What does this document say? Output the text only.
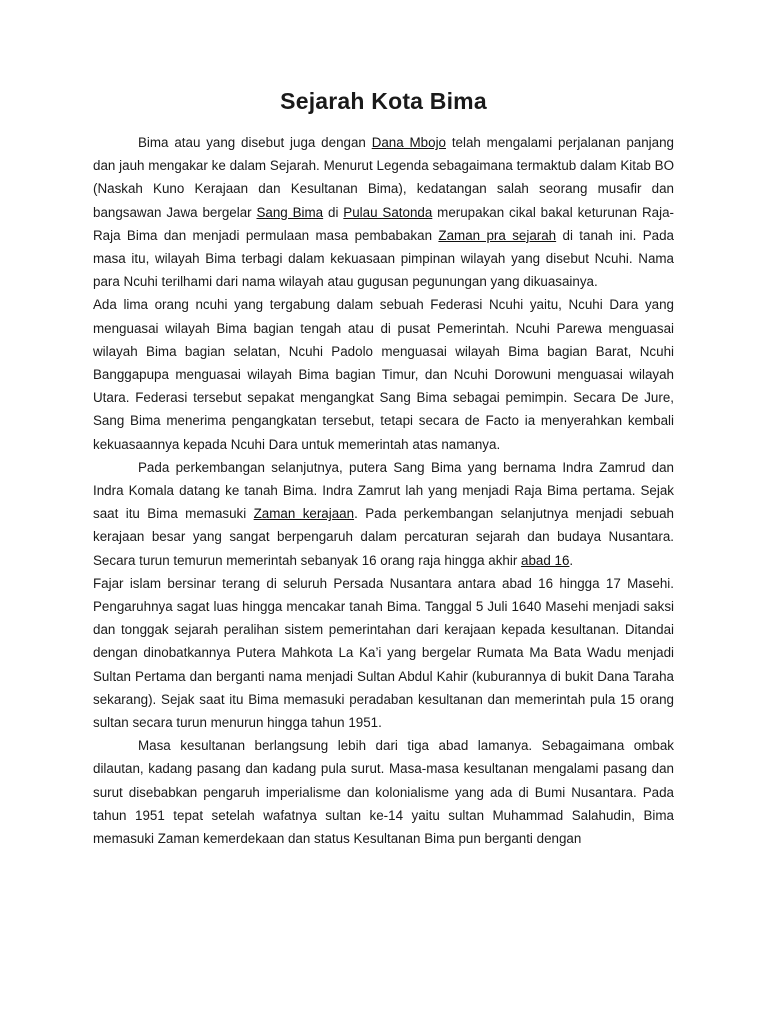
Sejarah Kota Bima

Bima atau yang disebut juga dengan Dana Mbojo telah mengalami perjalanan panjang dan jauh mengakar ke dalam Sejarah. Menurut Legenda sebagaimana termaktub dalam Kitab BO (Naskah Kuno Kerajaan dan Kesultanan Bima), kedatangan salah seorang musafir dan bangsawan Jawa bergelar Sang Bima di Pulau Satonda merupakan cikal bakal keturunan Raja-Raja Bima dan menjadi permulaan masa pembabakan Zaman pra sejarah di tanah ini. Pada masa itu, wilayah Bima terbagi dalam kekuasaan pimpinan wilayah yang disebut Ncuhi. Nama para Ncuhi terilhami dari nama wilayah atau gugusan pegunungan yang dikuasainya.

Ada lima orang ncuhi yang tergabung dalam sebuah Federasi Ncuhi yaitu, Ncuhi Dara yang menguasai wilayah Bima bagian tengah atau di pusat Pemerintah. Ncuhi Parewa menguasai wilayah Bima bagian selatan, Ncuhi Padolo menguasai wilayah Bima bagian Barat, Ncuhi Banggapupa menguasai wilayah Bima bagian Timur, dan Ncuhi Dorowuni menguasai wilayah Utara. Federasi tersebut sepakat mengangkat Sang Bima sebagai pemimpin. Secara De Jure, Sang Bima menerima pengangkatan tersebut, tetapi secara de Facto ia menyerahkan kembali kekuasaannya kepada Ncuhi Dara untuk memerintah atas namanya.

Pada perkembangan selanjutnya, putera Sang Bima yang bernama Indra Zamrud dan Indra Komala datang ke tanah Bima. Indra Zamrut lah yang menjadi Raja Bima pertama. Sejak saat itu Bima memasuki Zaman kerajaan. Pada perkembangan selanjutnya menjadi sebuah kerajaan besar yang sangat berpengaruh dalam percaturan sejarah dan budaya Nusantara. Secara turun temurun memerintah sebanyak 16 orang raja hingga akhir abad 16.

Fajar islam bersinar terang di seluruh Persada Nusantara antara abad 16 hingga 17 Masehi. Pengaruhnya sagat luas hingga mencakar tanah Bima. Tanggal 5 Juli 1640 Masehi menjadi saksi dan tonggak sejarah peralihan sistem pemerintahan dari kerajaan kepada kesultanan. Ditandai dengan dinobatkannya Putera Mahkota La Ka’i yang bergelar Rumata Ma Bata Wadu menjadi Sultan Pertama dan berganti nama menjadi Sultan Abdul Kahir (kuburannya di bukit Dana Taraha sekarang). Sejak saat itu Bima memasuki peradaban kesultanan dan memerintah pula 15 orang sultan secara turun menurun hingga tahun 1951.

Masa kesultanan berlangsung lebih dari tiga abad lamanya. Sebagaimana ombak dilautan, kadang pasang dan kadang pula surut. Masa-masa kesultanan mengalami pasang dan surut disebabkan pengaruh imperialisme dan kolonialisme yang ada di Bumi Nusantara. Pada tahun 1951 tepat setelah wafatnya sultan ke-14 yaitu sultan Muhammad Salahudin, Bima memasuki Zaman kemerdekaan dan status Kesultanan Bima pun berganti dengan
